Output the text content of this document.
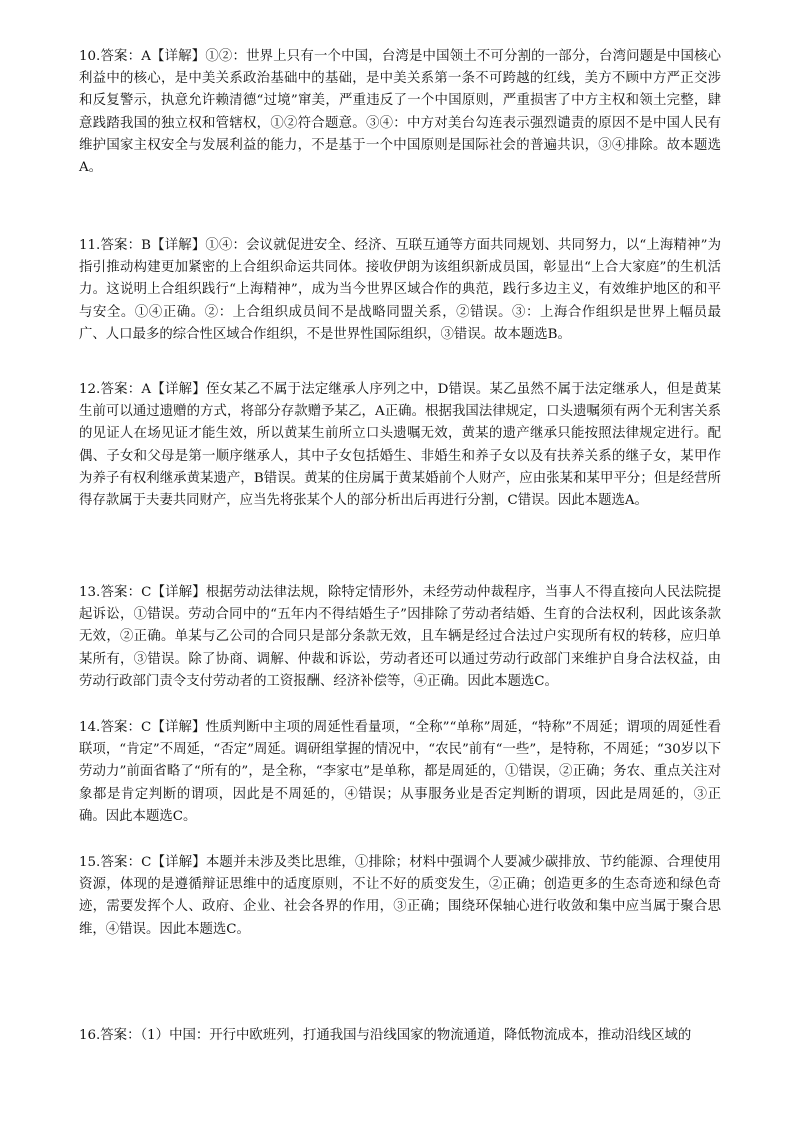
10.答案：A【详解】①②：世界上只有一个中国，台湾是中国领土不可分割的一部分，台湾问题是中国核心利益中的核心，是中美关系政治基础中的基础，是中美关系第一条不可跨越的红线，美方不顾中方严正交涉和反复警示，执意允许赖清德“过境”窜美，严重违反了一个中国原则，严重损害了中方主权和领土完整，肆意践踏我国的独立权和管辖权，①②符合题意。③④：中方对美台勾连表示强烈谴责的原因不是中国人民有维护国家主权安全与发展利益的能力，不是基于一个中国原则是国际社会的普遍共识，③④排除。故本题选A。

11.答案：B【详解】①④：会议就促进安全、经济、互联互通等方面共同规划、共同努力，以“上海精神”为指引推动构建更加紧密的上合组织命运共同体。接收伊朗为该组织新成员国，彰显出“上合大家庭”的生机活力。这说明上合组织践行“上海精神”，成为当今世界区域合作的典范，践行多边主义，有效维护地区的和平与安全。①④正确。②：上合组织成员间不是战略同盟关系，②错误。③：上海合作组织是世界上幅员最广、人口最多的综合性区域合作组织，不是世界性国际组织，③错误。故本题选B。

12.答案：A【详解】侄女某乙不属于法定继承人序列之中，D错误。某乙虽然不属于法定继承人，但是黄某生前可以通过遗赠的方式，将部分存款赠予某乙，A正确。根据我国法律规定，口头遗嘱须有两个无利害关系的见证人在场见证才能生效，所以黄某生前所立口头遗嘱无效，黄某的遗产继承只能按照法律规定进行。配偶、子女和父母是第一顺序继承人，其中子女包括婚生、非婚生和养子女以及有扶养关系的继子女，某甲作为养子有权利继承黄某遗产，B错误。黄某的住房属于黄某婚前个人财产，应由张某和某甲平分；但是经营所得存款属于夫妻共同财产，应当先将张某个人的部分析出后再进行分割，C错误。因此本题选A。

13.答案：C【详解】根据劳动法律法规，除特定情形外，未经劳动仲裁程序，当事人不得直接向人民法院提起诉讼，①错误。劳动合同中的“五年内不得结婚生子”因排除了劳动者结婚、生育的合法权利，因此该条款无效，②正确。单某与乙公司的合同只是部分条款无效，且车辆是经过合法过户实现所有权的转移，应归单某所有，③错误。除了协商、调解、仲裁和诉讼，劳动者还可以通过劳动行政部门来维护自身合法权益，由劳动行政部门责令支付劳动者的工资报酬、经济补偿等，④正确。因此本题选C。

14.答案：C【详解】性质判断中主项的周延性看量项，“全称”“单称”周延，“特称”不周延；谓项的周延性看联项，“肯定”不周延，“否定”周延。调研组掌握的情况中，“农民”前有“一些”，是特称，不周延；“30岁以下劳动力”前面省略了“所有的”，是全称，“李家屯”是单称，都是周延的，①错误，②正确；务农、重点关注对象都是肯定判断的谓项，因此是不周延的，④错误；从事服务业是否定判断的谓项，因此是周延的，③正确。因此本题选C。

15.答案：C【详解】本题并未涉及类比思维，①排除；材料中强调个人要减少碳排放、节约能源、合理使用资源，体现的是遵循辩证思维中的适度原则，不让不好的质变发生，②正确；创造更多的生态奇迹和绿色奇迹，需要发挥个人、政府、企业、社会各界的作用，③正确；围绕环保轴心进行收敛和集中应当属于聚合思维，④错误。因此本题选C。

16.答案：（1）中国：开行中欧班列，打通我国与沿线国家的物流通道，降低物流成本，推动沿线区域的
